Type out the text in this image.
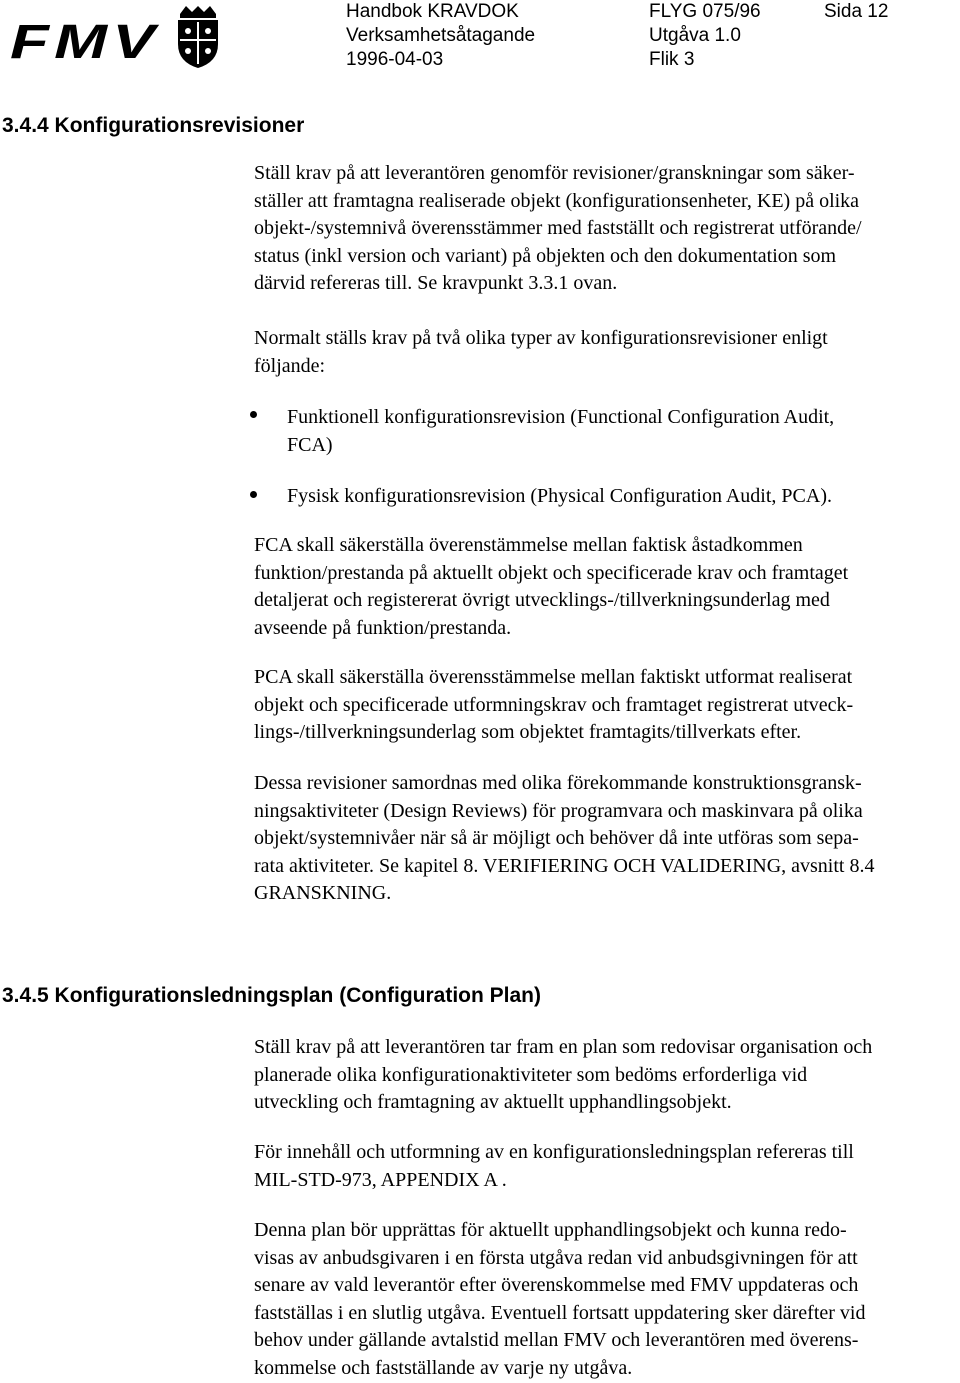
FMV
Handbok KRAVDOK	FLYG 075/96	Sida 12
Verksamhetsåtagande	Utgåva 1.0
1996-04-03	Flik 3
3.4.4 Konfigurationsrevisioner
Ställ krav på att leverantören genomför revisioner/granskningar som säker-
ställer att framtagna realiserade objekt (konfigurationsenheter, KE) på olika
objekt-/systemnivå överensstämmer med fastställt och registrerat utförande/
status (inkl version och variant) på objekten och den dokumentation som
därvid refereras till. Se kravpunkt 3.3.1 ovan.
Normalt ställs krav på två olika typer av konfigurationsrevisioner enligt
följande:
Funktionell konfigurationsrevision (Functional Configuration Audit,
FCA)
Fysisk konfigurationsrevision (Physical Configuration Audit, PCA).
FCA skall säkerställa överenstämmelse mellan faktisk åstadkommen
funktion/prestanda på aktuellt objekt och specificerade krav och framtaget
detaljerat och registererat övrigt utvecklings-/tillverkningsunderlag med
avseende på funktion/prestanda.
PCA skall säkerställa överensstämmelse mellan faktiskt utformat realiserat
objekt och specificerade utformningskrav och framtaget registrerat utveck-
lings-/tillverkningsunderlag som objektet framtagits/tillverkats efter.
Dessa revisioner samordnas med olika förekommande konstruktionsgransk-
ningsaktiviteter (Design Reviews) för programvara och maskinvara på olika
objekt/systemnivåer när så är möjligt och behöver då inte utföras som sepa-
rata aktiviteter. Se kapitel 8. VERIFIERING OCH VALIDERING, avsnitt 8.4
GRANSKNING.
3.4.5 Konfigurationsledningsplan (Configuration Plan)
Ställ krav på att leverantören tar fram en plan som redovisar organisation och
planerade olika konfigurationaktiviteter som bedöms erforderliga vid
utveckling och framtagning av aktuellt upphandlingsobjekt.
För innehåll och utformning av en konfigurationsledningsplan refereras till
MIL-STD-973, APPENDIX A .
Denna plan bör upprättas för aktuellt upphandlingsobjekt och kunna redo-
visas av anbudsgivaren i en första utgåva redan vid anbudsgivningen för att
senare av vald leverantör efter överenskommelse med FMV uppdateras och
fastställas i en slutlig utgåva. Eventuell fortsatt uppdatering sker därefter vid
behov under gällande avtalstid mellan FMV och leverantören med överens-
kommelse och fastställande av varje ny utgåva.
